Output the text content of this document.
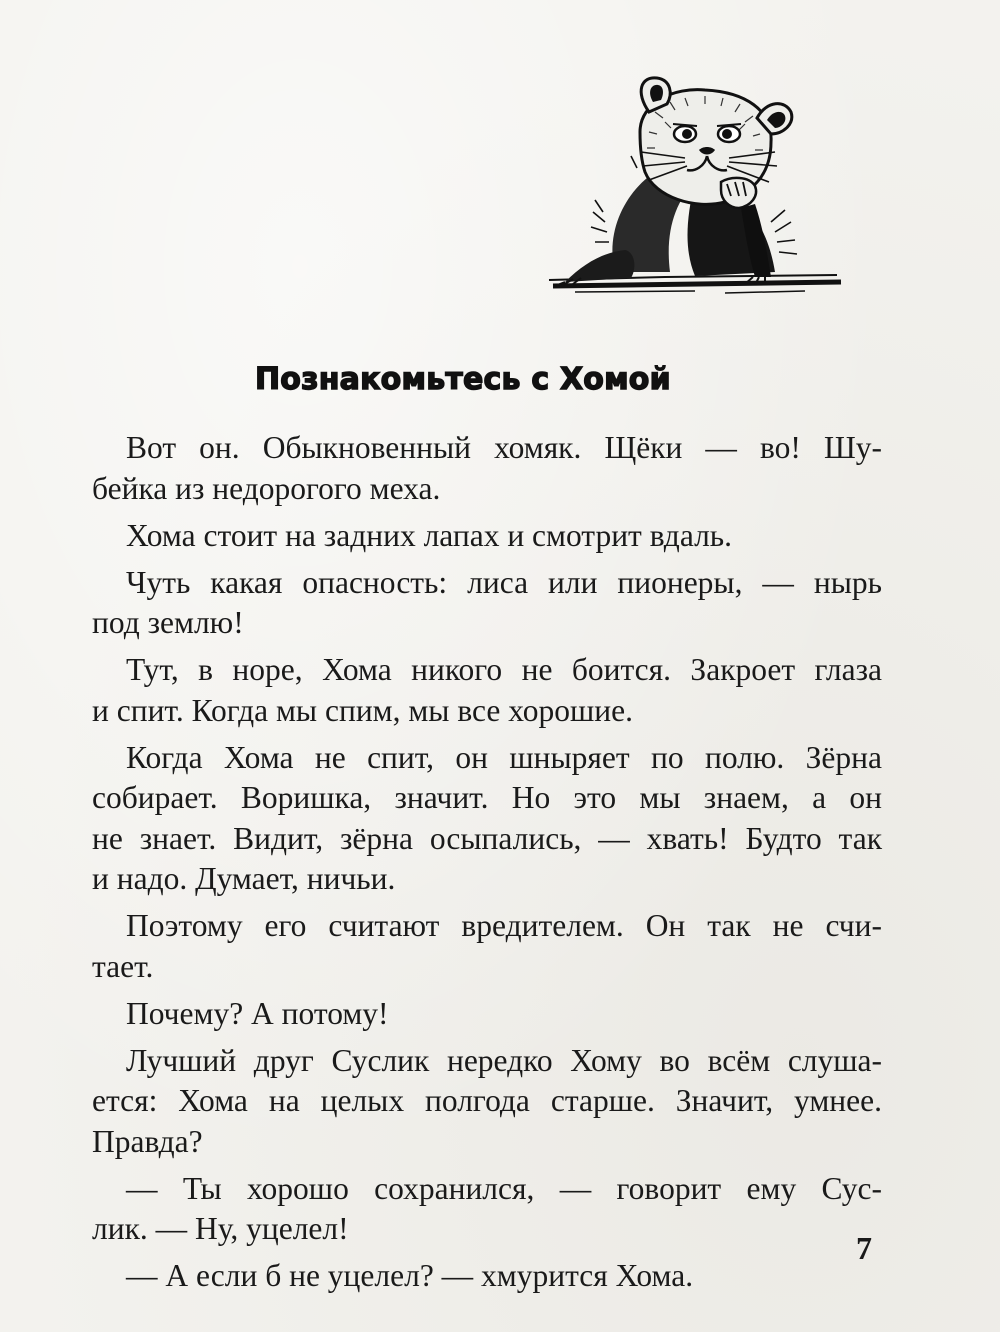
Познакомьтесь с Хомой

Вот он. Обыкновенный хомяк. Щёки — во! Шу-
бейка из недорогого меха.

Хома стоит на задних лапах и смотрит вдаль.

Чуть какая опасность: лиса или пионеры, — нырь
под землю!

Тут, в норе, Хома никого не боится. Закроет глаза
и спит. Когда мы спим, мы все хорошие.

Когда Хома не спит, он шныряет по полю. Зёрна
собирает. Воришка, значит. Но это мы знаем, а он
не знает. Видит, зёрна осыпались, — хвать! Будто так
и надо. Думает, ничьи.

Поэтому его считают вредителем. Он так не счи-
тает.

Почему? А потому!

Лучший друг Суслик нередко Хому во всём слуша-
ется: Хома на целых полгода старше. Значит, умнее.
Правда?

— Ты хорошо сохранился, — говорит ему Сус-
лик. — Ну, уцелел!

— А если б не уцелел? — хмурится Хома.

7
